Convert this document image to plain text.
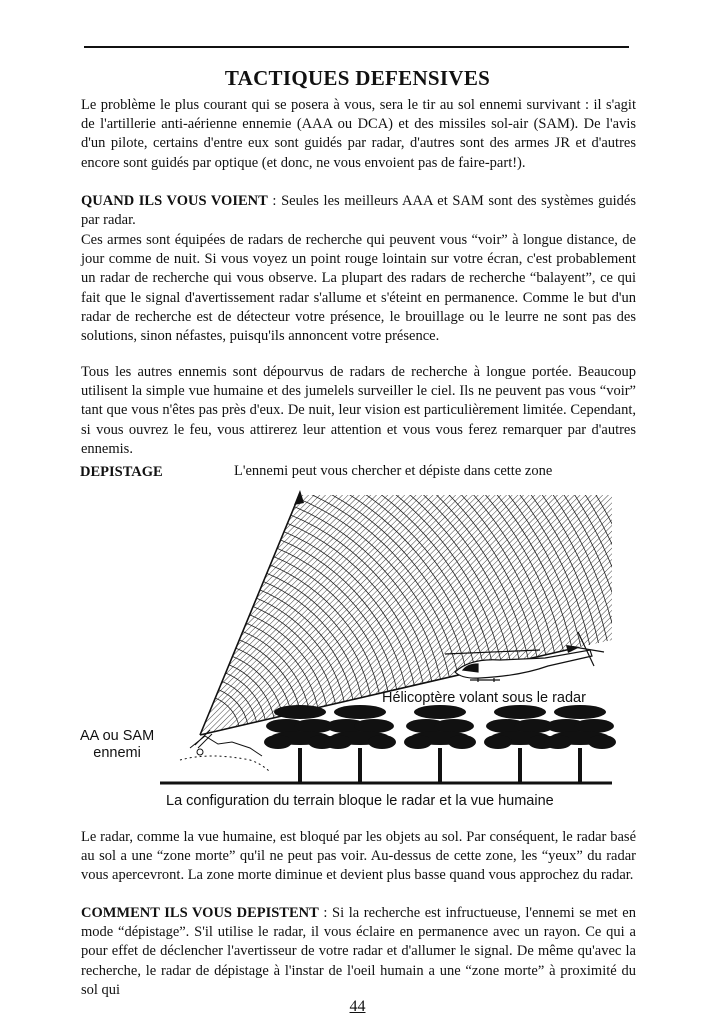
TACTIQUES DEFENSIVES

Le problème le plus courant qui se posera à vous, sera le tir au sol ennemi survivant : il s'agit de l'artillerie anti-aérienne ennemie (AAA ou DCA) et des missiles sol-air (SAM). De l'avis d'un pilote, certains d'entre eux sont guidés par radar, d'autres sont des armes JR et d'autres encore sont guidés par optique (et donc, ne vous envoient pas de faire-part!).

QUAND ILS VOUS VOIENT : Seules les meilleurs AAA et SAM sont des systèmes guidés par radar.

Ces armes sont équipées de radars de recherche qui peuvent vous “voir” à longue distance, de jour comme de nuit. Si vous voyez un point rouge lointain sur votre écran, c'est probablement un radar de recherche qui vous observe. La plupart des radars de recherche “balayent”, ce qui fait que le signal d'avertissement radar s'allume et s'éteint en permanence. Comme le but d'un radar de recherche est de détecteur votre présence, le brouillage ou le leurre ne sont pas des solutions, sinon néfastes, puisqu'ils annoncent votre présence.

Tous les autres ennemis sont dépourvus de radars de recherche à longue portée. Beaucoup utilisent la simple vue humaine et des jumelels surveiller le ciel. Ils ne peuvent pas vous “voir” tant que vous n'êtes pas près d'eux. De nuit, leur vision est particulièrement limitée. Cependant, si vous ouvrez le feu, vous attirerez leur attention et vous vous ferez remarquer par d'autres ennemis.

DEPISTAGE	L'ennemi peut vous chercher et dépiste dans cette zone
Hélicoptère volant sous le radar
AA ou SAM
ennemi
La configuration du terrain bloque le radar et la vue humaine

Le radar, comme la vue humaine, est bloqué par les objets au sol. Par conséquent, le radar basé au sol a une “zone morte” qu'il ne peut pas voir. Au-dessus de cette zone, les “yeux” du radar vous apercevront. La zone morte diminue et devient plus basse quand vous approchez du radar.

COMMENT ILS VOUS DEPISTENT : Si la recherche est infructueuse, l'ennemi se met en mode “dépistage”. S'il utilise le radar, il vous éclaire en permanence avec un rayon. Ce qui a pour effet de déclencher l'avertisseur de votre radar et d'allumer le signal. De même qu'avec la recherche, le radar de dépistage à l'instar de l'oeil humain a une “zone morte” à proximité du sol qui

44
